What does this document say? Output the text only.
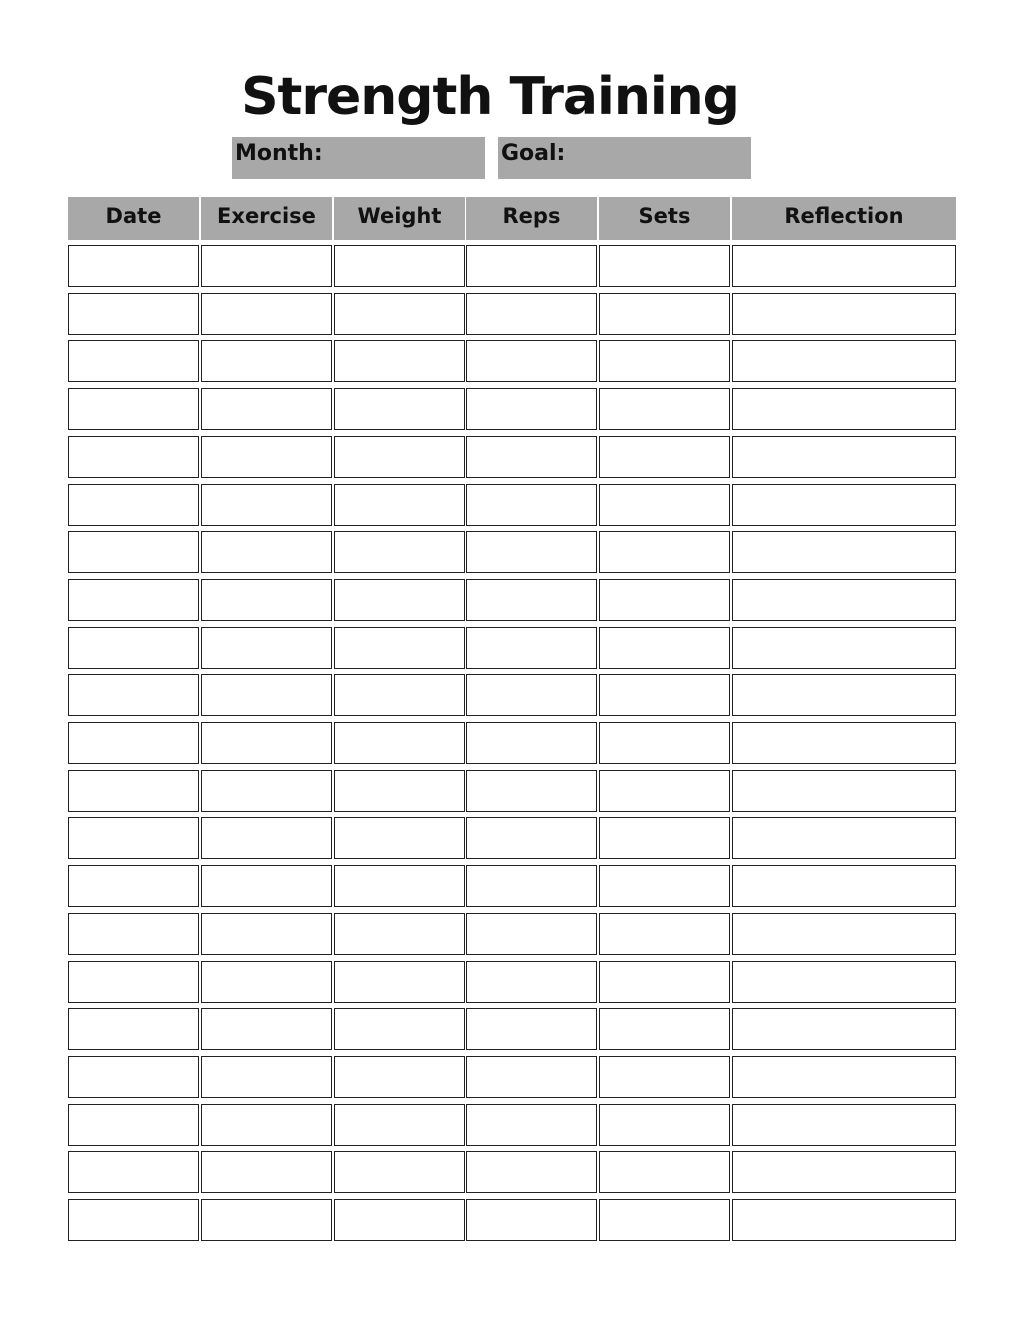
Strength Training
Month:	Goal:
Date	Exercise	Weight	Reps	Sets	Reflection
